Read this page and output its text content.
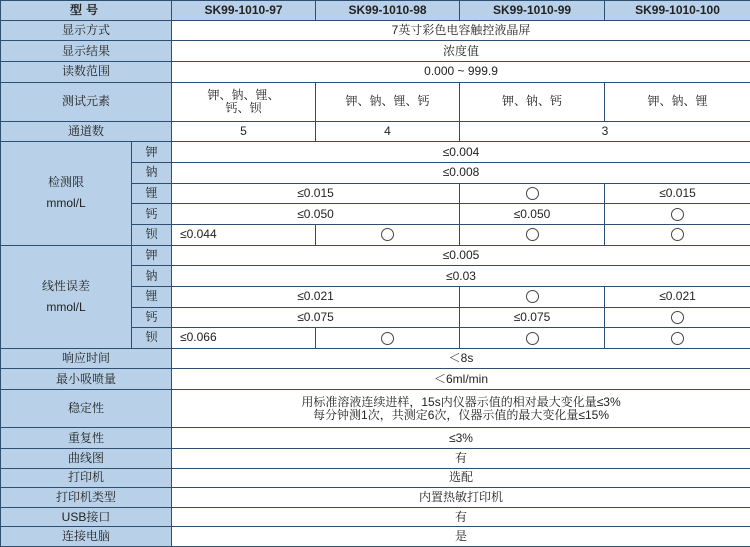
型号		SK99-1010-97	SK99-1010-98	SK99-1010-99	SK99-1010-100
显示方式		7英寸彩色电容触控液晶屏			
显示结果		浓度值			
读数范围		0.000 ~ 999.9			
测试元素		钾、钠、锂、
钙、钡	钾、钠、锂、钙	钾、钠、钙	钾、钠、锂
通道数		5	4	3	

检测限
mmol/L	钾	≤0.004			
	钠	≤0.008			
	锂	≤0.015			≤0.015
	钙	≤0.050		≤0.050	
	钡	≤0.044			

线性误差
mmol/L	钾	≤0.005			
	钠	≤0.03			
	锂	≤0.021			≤0.021
	钙	≤0.075		≤0.075	
	钡	≤0.066			
响应时间		＜8s			
最小吸喷量		＜6ml/min			
稳定性		用标准溶液连续进样，15s内仪器示值的相对最大变化量≤3%
每分钟测1次，共测定6次，仪器示值的最大变化量≤15%			

重复性		≤3%			
曲线图		有			
打印机		选配			
打印机类型		内置热敏打印机			
USB接口		有			
连接电脑		是			
